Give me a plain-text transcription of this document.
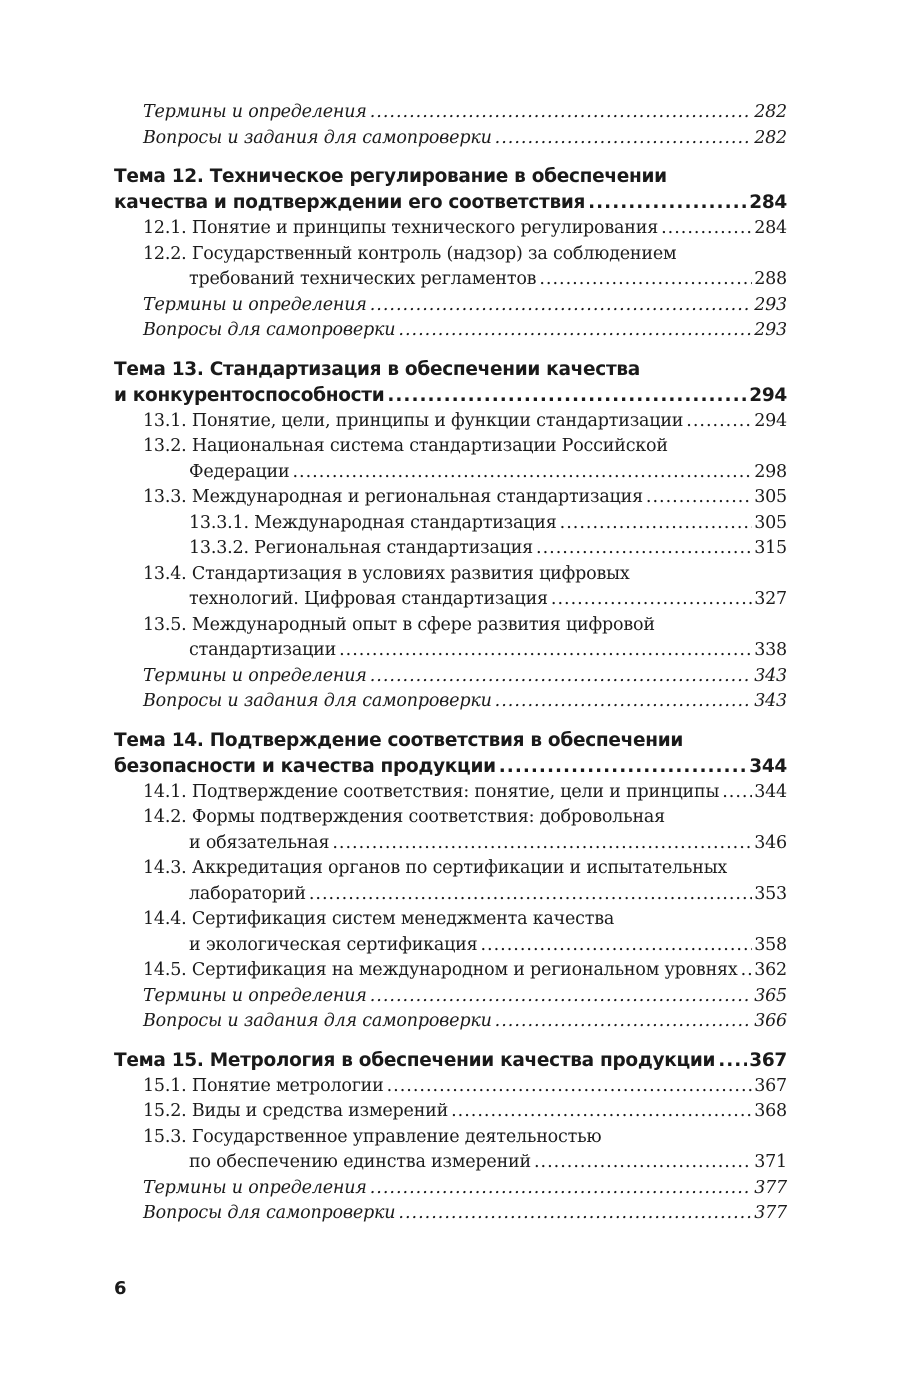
Термины и определения .....	282
Вопросы и задания для самопроверки .....	282
Тема 12. Техническое регулирование в обеспечении
качества и подтверждении его соответствия .....	284
12.1. Понятие и принципы технического регулирования .....	284
12.2. Государственный контроль (надзор) за соблюдением
требований технических регламентов .....	288
Термины и определения .....	293
Вопросы для самопроверки .....	293
Тема 13. Стандартизация в обеспечении качества
и конкурентоспособности .....	294
13.1. Понятие, цели, принципы и функции стандартизации .....	294
13.2. Национальная система стандартизации Российской
Федерации .....	298
13.3. Международная и региональная стандартизация .....	305
13.3.1. Международная стандартизация .....	305
13.3.2. Региональная стандартизация .....	315
13.4. Стандартизация в условиях развития цифровых
технологий. Цифровая стандартизация .....	327
13.5. Международный опыт в сфере развития цифровой
стандартизации .....	338
Термины и определения .....	343
Вопросы и задания для самопроверки .....	343
Тема 14. Подтверждение соответствия в обеспечении
безопасности и качества продукции .....	344
14.1. Подтверждение соответствия: понятие, цели и принципы ..... 344
14.2. Формы подтверждения соответствия: добровольная
и обязательная .....	346
14.3. Аккредитация органов по сертификации и испытательных
лабораторий .....	353
14.4. Сертификация систем менеджмента качества
и экологическая сертификация .....	358
14.5. Сертификация на международном и региональном уровнях ..... 362
Термины и определения .....	365
Вопросы и задания для самопроверки .....	366
Тема 15. Метрология в обеспечении качества продукции ..... 367
15.1. Понятие метрологии .....	367
15.2. Виды и средства измерений .....	368
15.3. Государственное управление деятельностью
по обеспечению единства измерений .....	371
Термины и определения .....	377
Вопросы для самопроверки .....	377
6
